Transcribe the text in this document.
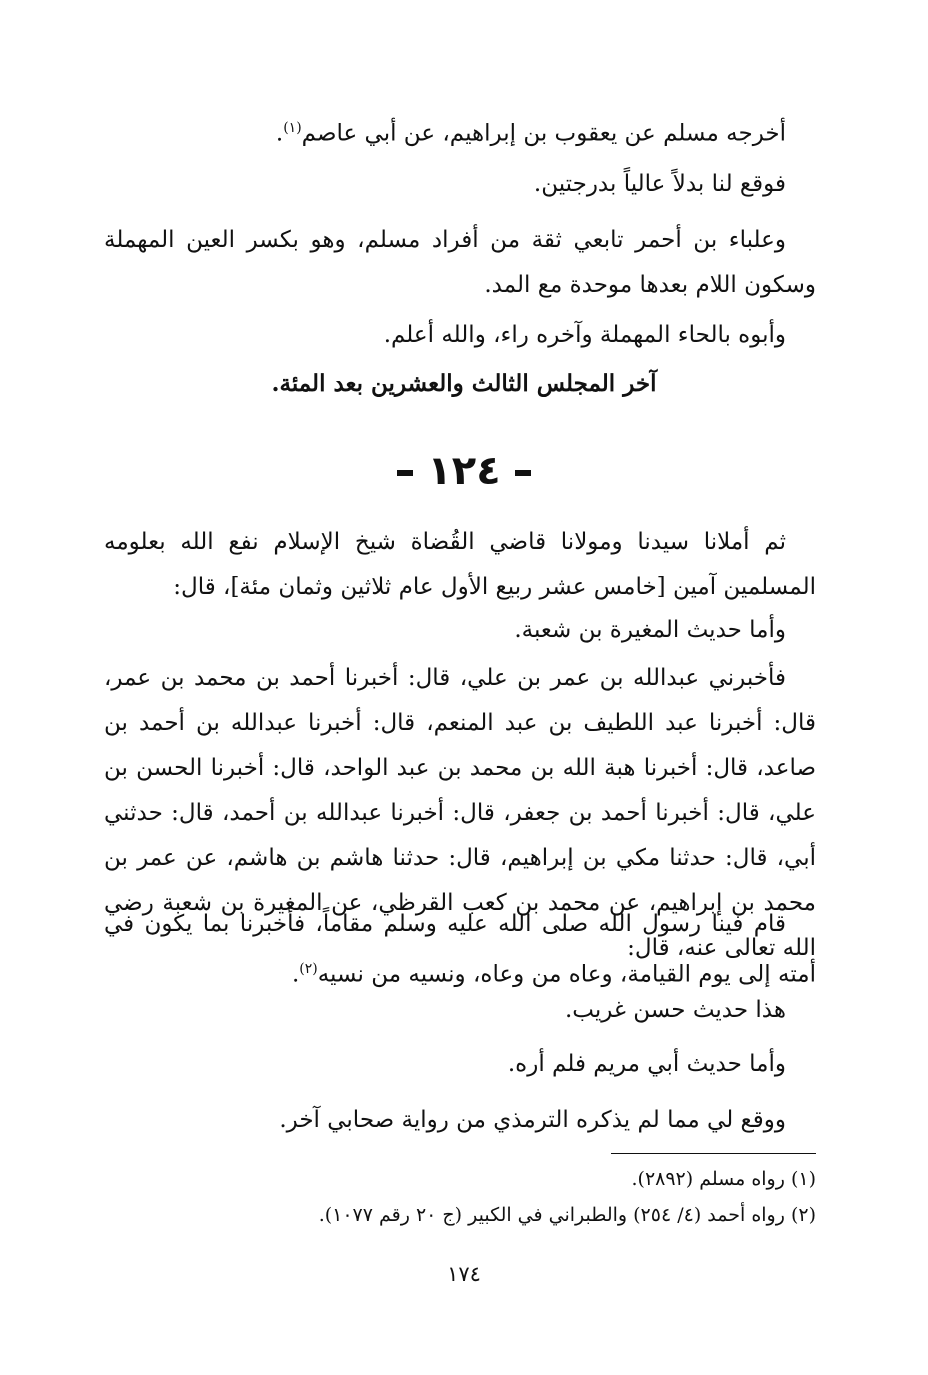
أخرجه مسلم عن يعقوب بن إبراهيم، عن أبي عاصم$^{(١)}$.

فوقع لنا بدلاً عالياً بدرجتين.

وعلباء بن أحمر تابعي ثقة من أفراد مسلم، وهو بكسر العين المهملة وسكون اللام بعدها موحدة مع المد.

وأبوه بالحاء المهملة وآخره راء، والله أعلم.

آخر المجلس الثالث والعشرين بعد المئة.

١٢٤

ثم أملانا سيدنا ومولانا قاضي القُضاة شيخ الإسلام نفع الله بعلومه المسلمين آمين [خامس عشر ربيع الأول عام ثلاثين وثمان مئة]، قال:

وأما حديث المغيرة بن شعبة.

فأخبرني عبدالله بن عمر بن علي، قال: أخبرنا أحمد بن محمد بن عمر، قال: أخبرنا عبد اللطيف بن عبد المنعم، قال: أخبرنا عبدالله بن أحمد بن صاعد، قال: أخبرنا هبة الله بن محمد بن عبد الواحد، قال: أخبرنا الحسن بن علي، قال: أخبرنا أحمد بن جعفر، قال: أخبرنا عبدالله بن أحمد، قال: حدثني أبي، قال: حدثنا مكي بن إبراهيم، قال: حدثنا هاشم بن هاشم، عن عمر بن محمد بن إبراهيم، عن محمد بن كعب القرظي، عن المغيرة بن شعبة رضي الله تعالى عنه، قال:

قام فينا رسول الله صلى الله عليه وسلم مقاماً، فأخبرنا بما يكون في أمته إلى يوم القيامة، وعاه من وعاه، ونسيه من نسيه$^{(٢)}$.

هذا حديث حسن غريب.

وأما حديث أبي مريم فلم أره.

ووقع لي مما لم يذكره الترمذي من رواية صحابي آخر.

(١) رواه مسلم (٢٨٩٢).

(٢) رواه أحمد (٤/ ٢٥٤) والطبراني في الكبير (ج ٢٠ رقم ١٠٧٧).

١٧٤
